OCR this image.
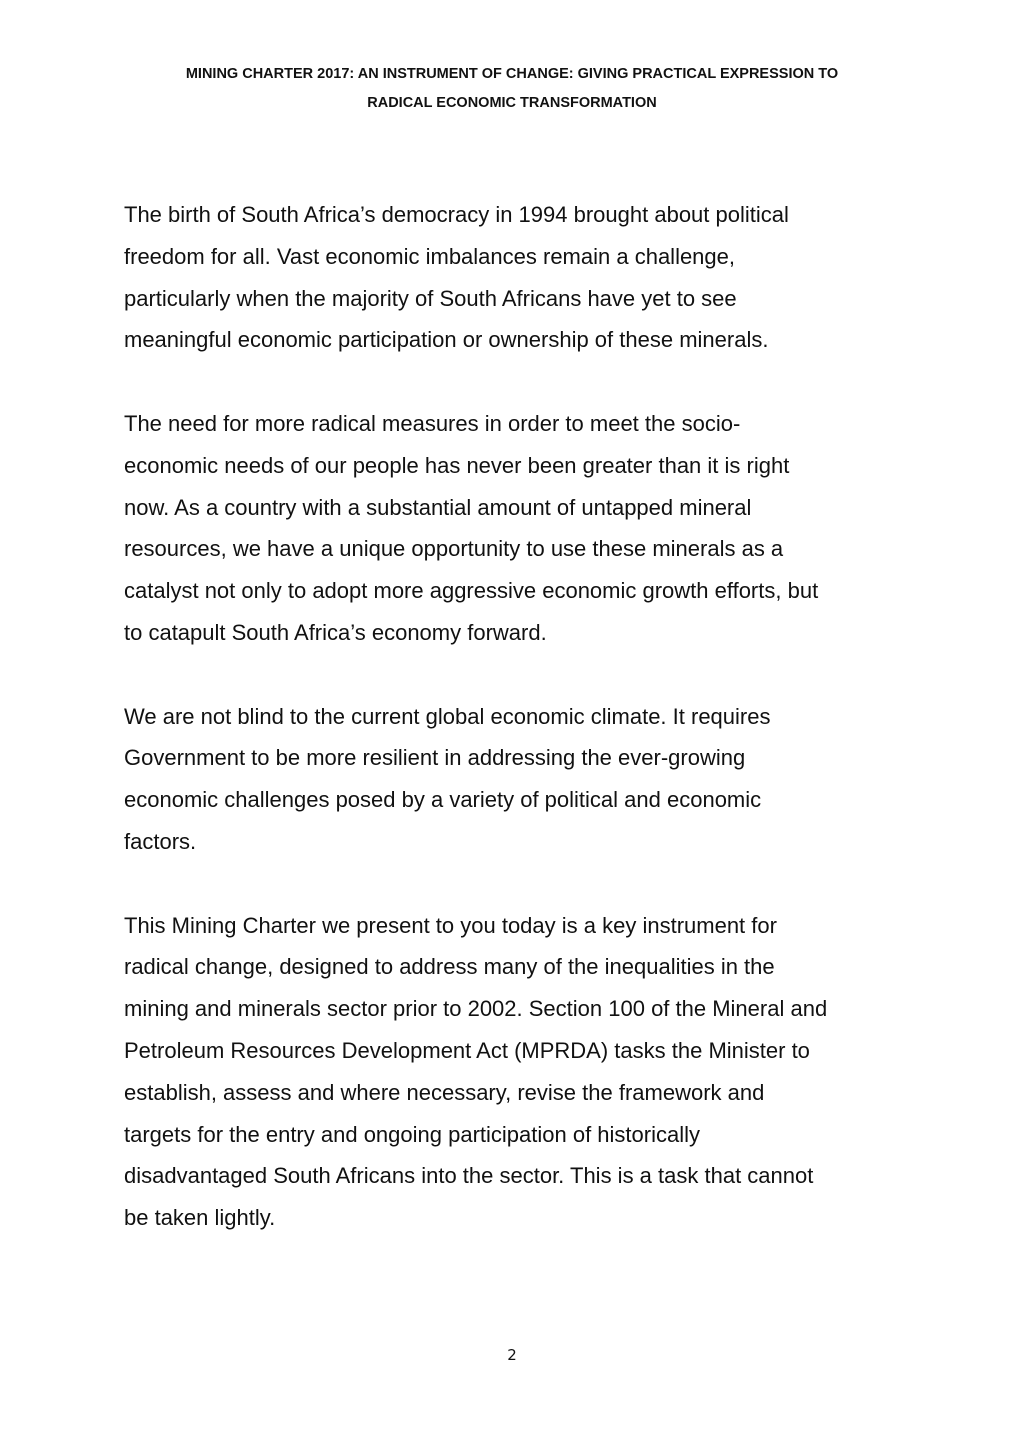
MINING CHARTER 2017: AN INSTRUMENT OF CHANGE: GIVING PRACTICAL EXPRESSION TO
RADICAL ECONOMIC TRANSFORMATION

The birth of South Africa’s democracy in 1994 brought about political
freedom for all. Vast economic imbalances remain a challenge,
particularly when the majority of South Africans have yet to see
meaningful economic participation or ownership of these minerals.

The need for more radical measures in order to meet the socio-
economic needs of our people has never been greater than it is right
now. As a country with a substantial amount of untapped mineral
resources, we have a unique opportunity to use these minerals as a
catalyst not only to adopt more aggressive economic growth efforts, but
to catapult South Africa’s economy forward.

We are not blind to the current global economic climate. It requires
Government to be more resilient in addressing the ever-growing
economic challenges posed by a variety of political and economic
factors.

This Mining Charter we present to you today is a key instrument for
radical change, designed to address many of the inequalities in the
mining and minerals sector prior to 2002. Section 100 of the Mineral and
Petroleum Resources Development Act (MPRDA) tasks the Minister to
establish, assess and where necessary, revise the framework and
targets for the entry and ongoing participation of historically
disadvantaged South Africans into the sector. This is a task that cannot
be taken lightly.

2
